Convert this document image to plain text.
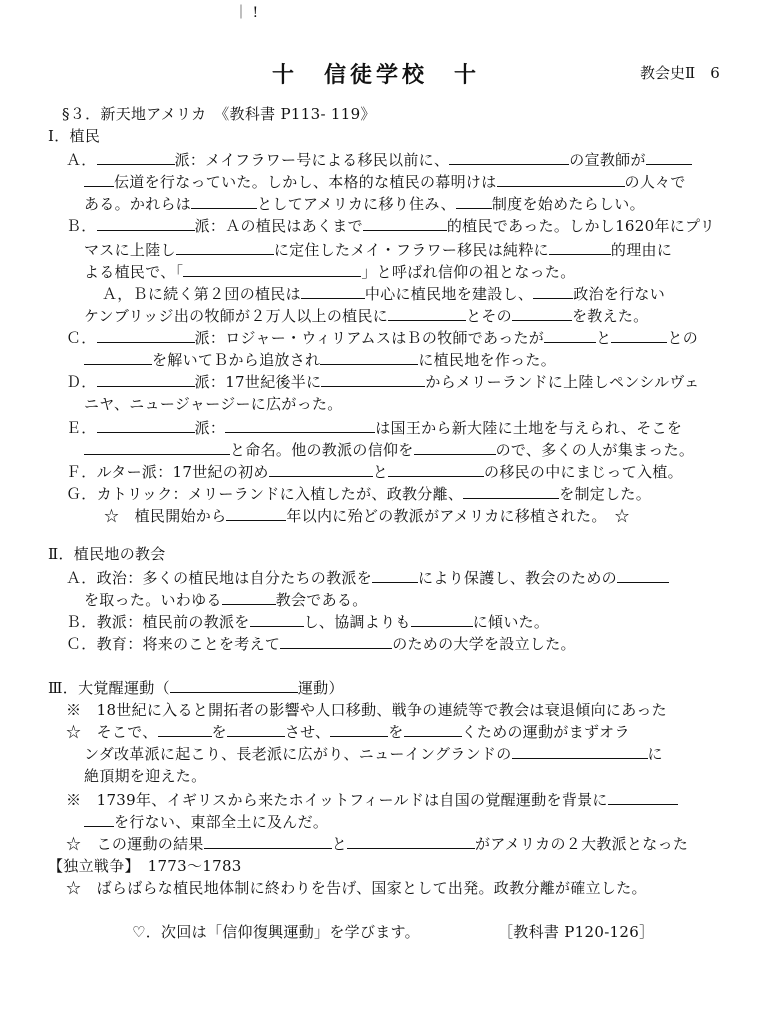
｜ !
十　信徒学校　十	教会史Ⅱ　6
§３．新天地アメリカ　《教科書 P113- 119》
Ⅰ．植民
Ａ．	派：メイフラワー号による移民以前に、	の宣教師が
伝道を行なっていた。しかし、本格的な植民の幕明けは	の人々で
ある。かれらは	としてアメリカに移り住み、 制度を始めたらしい。
Ｂ．	派：Ａの植民はあくまで	的植民であった。しかし1620年にプリ
マスに上陸し	に定住したメイ・フラワー移民は純粋に	的理由に
よる植民で、「	」と呼ばれ信仰の祖となった。
Ａ，Ｂに続く第２団の植民は	中心に植民地を建設し、	政治を行ない
ケンブリッジ出の牧師が２万人以上の植民に	とその	を教えた。
Ｃ．	派：ロジャー・ウィリアムスはＢの牧師であったが	と	との
を解いてＢから追放され	に植民地を作った。
Ｄ．	派：17世紀後半に	からメリーランドに上陸しペンシルヴェ
ニヤ、ニュージャージーに広がった。
Ｅ．	派：	は国王から新大陸に土地を与えられ、そこを
と命名。他の教派の信仰を	ので、多くの人が集まった。
Ｆ．ルター派：17世紀の初め	と	の移民の中にまじって入植。
Ｇ．カトリック：メリーランドに入植したが、政教分離、	を制定した。
☆　植民開始から	年以内に殆どの教派がアメリカに移植された。　☆
Ⅱ．植民地の教会
Ａ．政治：多くの植民地は自分たちの教派を	により保護し、教会のための
を取った。いわゆる	教会である。
Ｂ．教派：植民前の教派を	し、協調よりも	に傾いた。
Ｃ．教育：将来のことを考えて	のための大学を設立した。
Ⅲ．大覚醒運動（	運動）
※　18世紀に入ると開拓者の影響や人口移動、戦争の連続等で教会は衰退傾向にあった
☆　そこで、	を	させ、	を	くための運動がまずオラ
ンダ改革派に起こり、長老派に広がり、ニューイングランドの	に
絶頂期を迎えた。
※　1739年、イギリスから来たホイットフィールドは自国の覚醒運動を背景に
を行ない、東部全土に及んだ。
☆　この運動の結果	と	がアメリカの２大教派となった
【独立戦争】　1773～1783
☆　ばらばらな植民地体制に終わりを告げ、国家として出発。政教分離が確立した。
♡．次回は「信仰復興運動」を学びます。	［教科書 P120-126］
